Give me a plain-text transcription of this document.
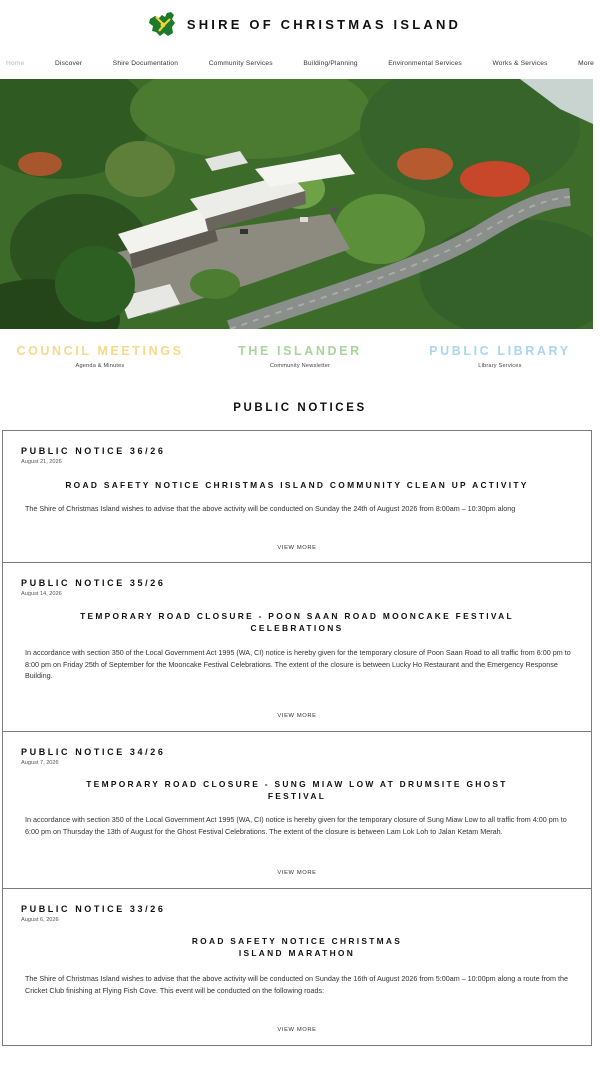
SHIRE OF CHRISTMAS ISLAND
Home	Discover	Shire Documentation	Community Services	Building/Planning	Environmental Services	Works & Services	More
COUNCIL MEETINGS
Agenda & Minutes
THE ISLANDER
Community Newsletter
PUBLIC LIBRARY
Library Services
PUBLIC NOTICES
PUBLIC NOTICE 36/26
August 21, 2026
ROAD SAFETY NOTICE CHRISTMAS ISLAND COMMUNITY CLEAN UP ACTIVITY
The Shire of Christmas Island wishes to advise that the above activity will be conducted on Sunday the 24th of August 2026 from 8:00am – 10:30pm along
VIEW MORE
PUBLIC NOTICE 35/26
August 14, 2026
TEMPORARY ROAD CLOSURE - POON SAAN ROAD MOONCAKE FESTIVAL CELEBRATIONS
In accordance with section 350 of the Local Government Act 1995 (WA, CI) notice is hereby given for the temporary closure of Poon Saan Road to all traffic from 6:00 pm to 8:00 pm on Friday 25th of September for the Mooncake Festival Celebrations. The extent of the closure is between Lucky Ho Restaurant and the Emergency Response Building.
VIEW MORE
PUBLIC NOTICE 34/26
August 7, 2026
TEMPORARY ROAD CLOSURE - SUNG MIAW LOW AT DRUMSITE GHOST FESTIVAL
In accordance with section 350 of the Local Government Act 1995 (WA, CI) notice is hereby given for the temporary closure of Sung Miaw Low to all traffic from 4:00 pm to 6:00 pm on Thursday the 13th of August for the Ghost Festival Celebrations. The extent of the closure is between Lam Lok Loh to Jalan Ketam Merah.
VIEW MORE
PUBLIC NOTICE 33/26
August 6, 2026
ROAD SAFETY NOTICE CHRISTMAS ISLAND MARATHON
The Shire of Christmas Island wishes to advise that the above activity will be conducted on Sunday the 16th of August 2026 from 5:00am – 10:00pm along a route from the Cricket Club finishing at Flying Fish Cove. This event will be conducted on the following roads:
VIEW MORE
